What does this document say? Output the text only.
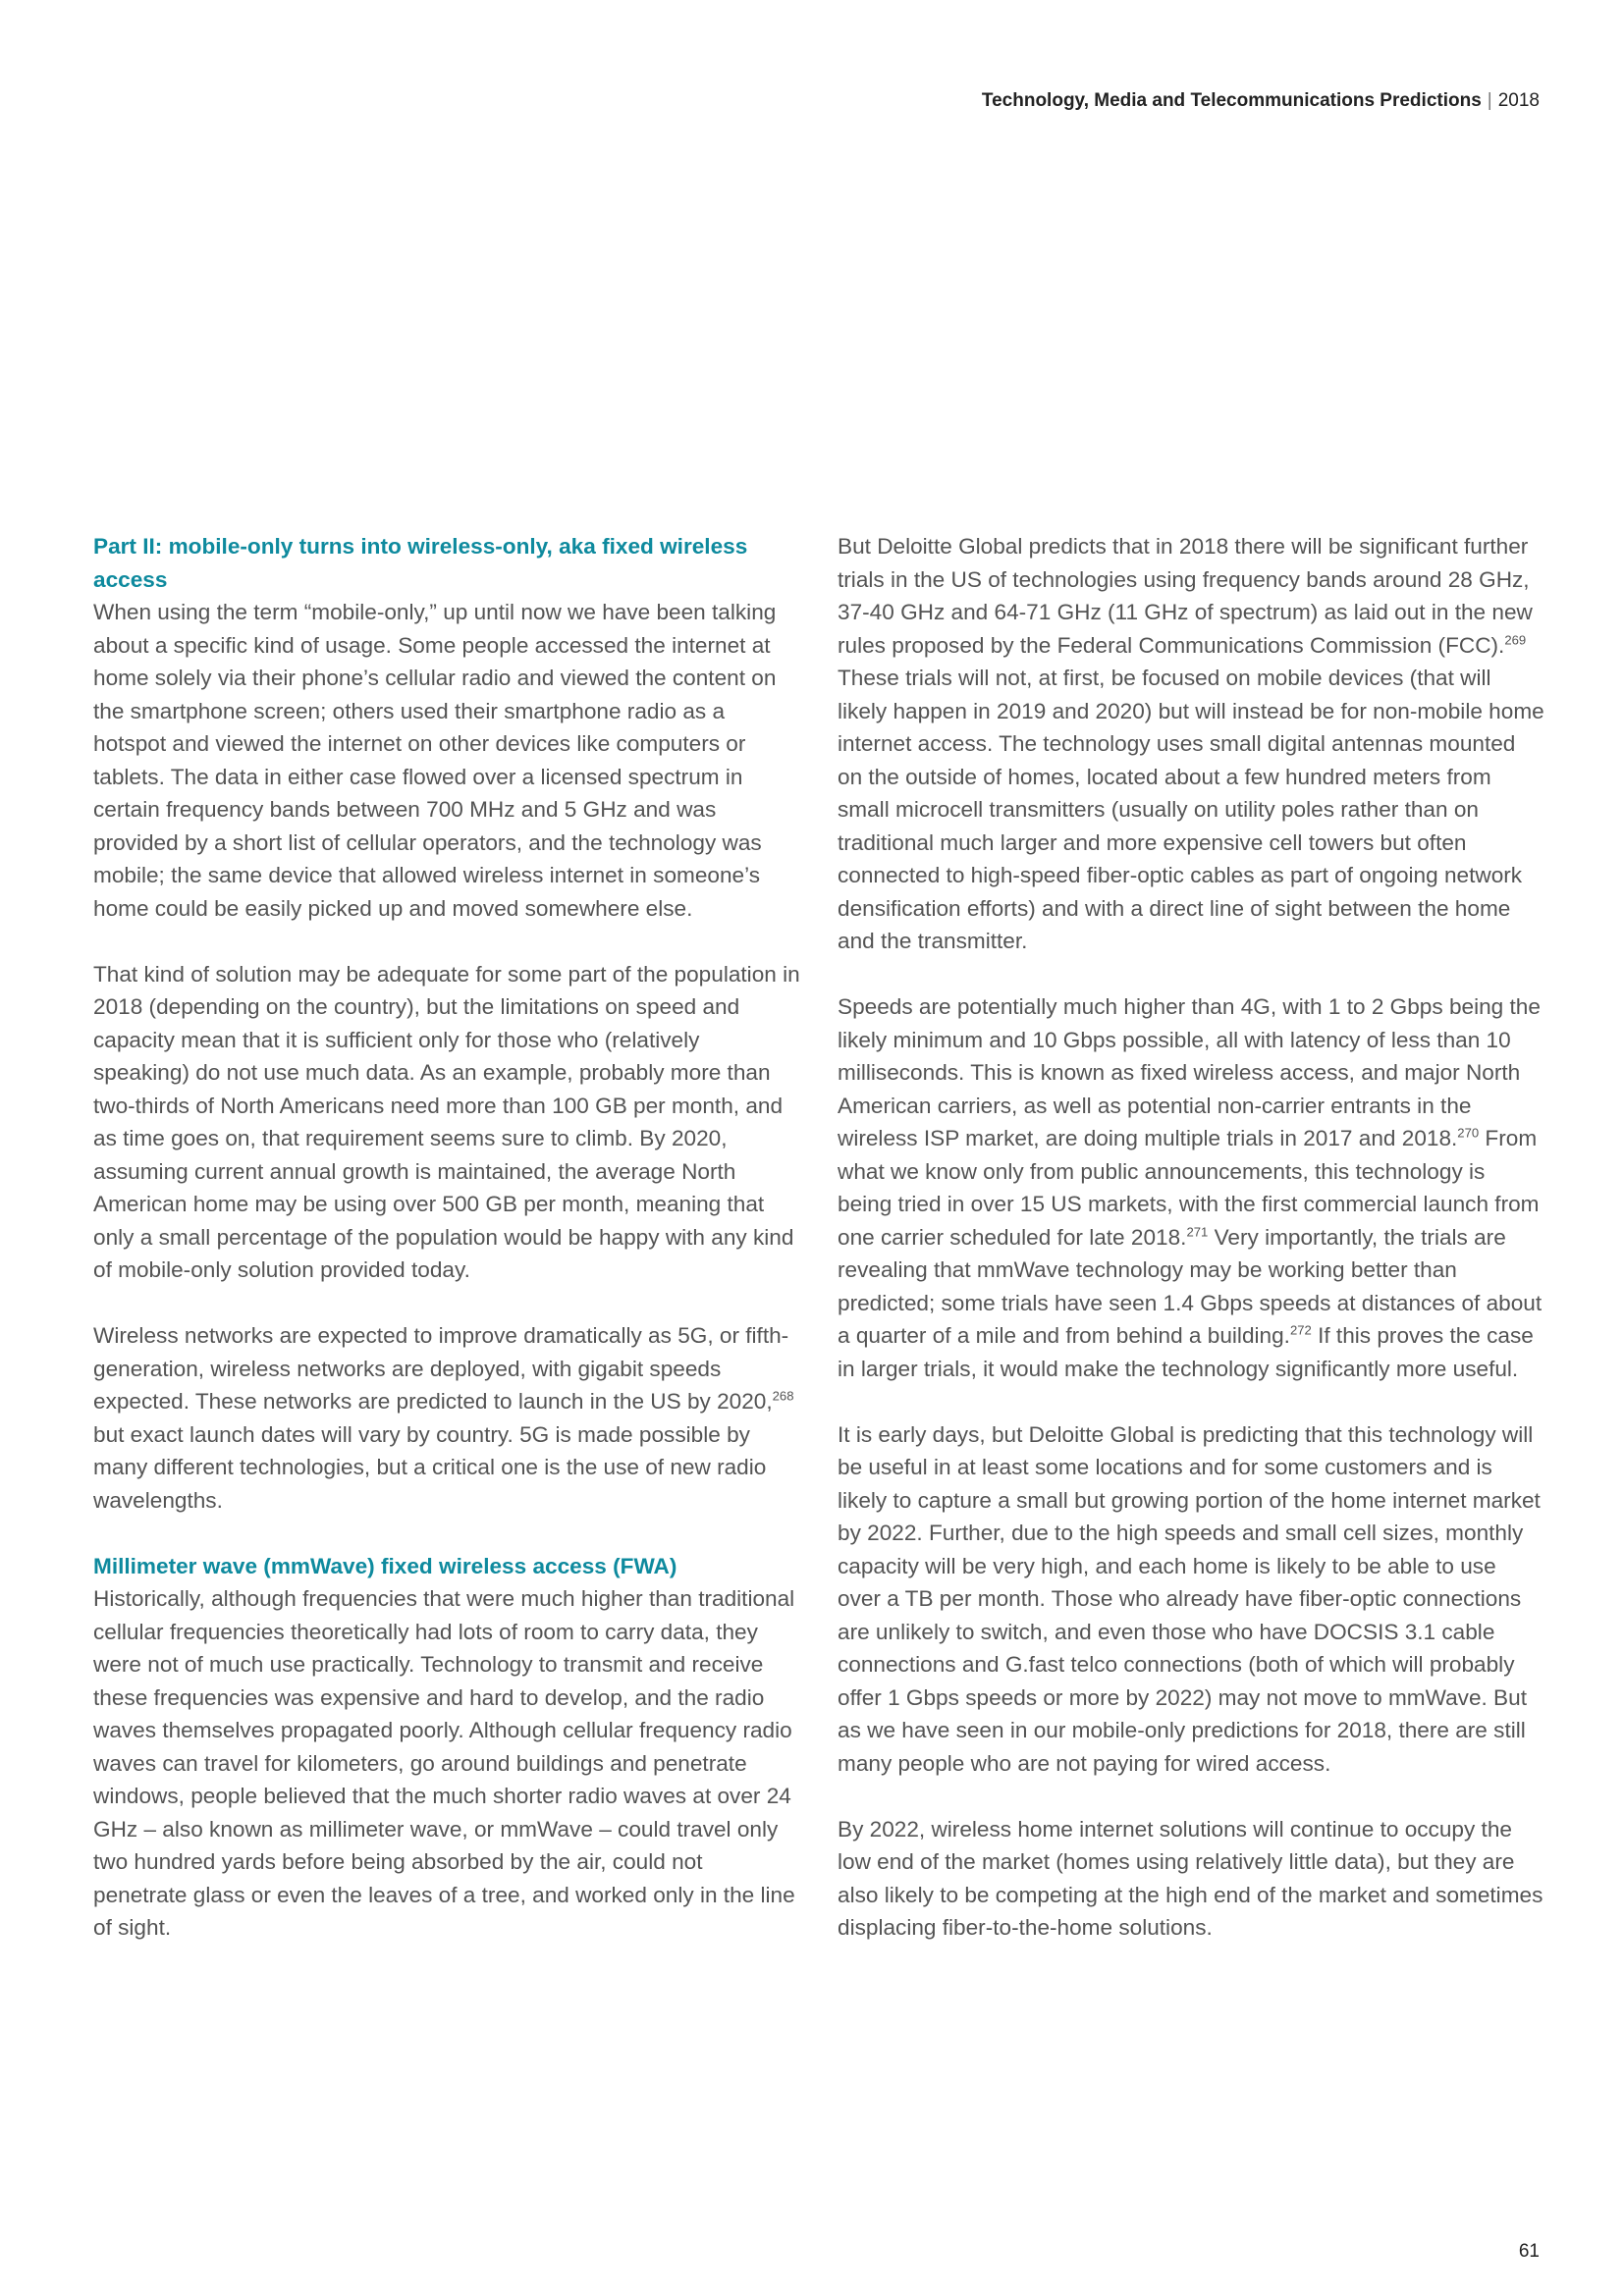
Technology, Media and Telecommunications Predictions | 2018

Part II: mobile-only turns into wireless-only, aka fixed wireless access

When using the term “mobile-only,” up until now we have been talking about a specific kind of usage. Some people accessed the internet at home solely via their phone’s cellular radio and viewed the content on the smartphone screen; others used their smartphone radio as a hotspot and viewed the internet on other devices like computers or tablets. The data in either case flowed over a licensed spectrum in certain frequency bands between 700 MHz and 5 GHz and was provided by a short list of cellular operators, and the technology was mobile; the same device that allowed wireless internet in someone’s home could be easily picked up and moved somewhere else.

That kind of solution may be adequate for some part of the population in 2018 (depending on the country), but the limitations on speed and capacity mean that it is sufficient only for those who (relatively speaking) do not use much data. As an example, probably more than two-thirds of North Americans need more than 100 GB per month, and as time goes on, that requirement seems sure to climb. By 2020, assuming current annual growth is maintained, the average North American home may be using over 500 GB per month, meaning that only a small percentage of the population would be happy with any kind of mobile-only solution provided today.

Wireless networks are expected to improve dramatically as 5G, or fifth-generation, wireless networks are deployed, with gigabit speeds expected. These networks are predicted to launch in the US by 2020,$^{268}$ but exact launch dates will vary by country. 5G is made possible by many different technologies, but a critical one is the use of new radio wavelengths.

Millimeter wave (mmWave) fixed wireless access (FWA)

Historically, although frequencies that were much higher than traditional cellular frequencies theoretically had lots of room to carry data, they were not of much use practically. Technology to transmit and receive these frequencies was expensive and hard to develop, and the radio waves themselves propagated poorly. Although cellular frequency radio waves can travel for kilometers, go around buildings and penetrate windows, people believed that the much shorter radio waves at over 24 GHz – also known as millimeter wave, or mmWave – could travel only two hundred yards before being absorbed by the air, could not penetrate glass or even the leaves of a tree, and worked only in the line of sight.

But Deloitte Global predicts that in 2018 there will be significant further trials in the US of technologies using frequency bands around 28 GHz, 37-40 GHz and 64-71 GHz (11 GHz of spectrum) as laid out in the new rules proposed by the Federal Communications Commission (FCC).$^{269}$ These trials will not, at first, be focused on mobile devices (that will likely happen in 2019 and 2020) but will instead be for non-mobile home internet access. The technology uses small digital antennas mounted on the outside of homes, located about a few hundred meters from small microcell transmitters (usually on utility poles rather than on traditional much larger and more expensive cell towers but often connected to high-speed fiber-optic cables as part of ongoing network densification efforts) and with a direct line of sight between the home and the transmitter.

Speeds are potentially much higher than 4G, with 1 to 2 Gbps being the likely minimum and 10 Gbps possible, all with latency of less than 10 milliseconds. This is known as fixed wireless access, and major North American carriers, as well as potential non-carrier entrants in the wireless ISP market, are doing multiple trials in 2017 and 2018.$^{270}$ From what we know only from public announcements, this technology is being tried in over 15 US markets, with the first commercial launch from one carrier scheduled for late 2018.$^{271}$ Very importantly, the trials are revealing that mmWave technology may be working better than predicted; some trials have seen 1.4 Gbps speeds at distances of about a quarter of a mile and from behind a building.$^{272}$ If this proves the case in larger trials, it would make the technology significantly more useful.

It is early days, but Deloitte Global is predicting that this technology will be useful in at least some locations and for some customers and is likely to capture a small but growing portion of the home internet market by 2022. Further, due to the high speeds and small cell sizes, monthly capacity will be very high, and each home is likely to be able to use over a TB per month. Those who already have fiber-optic connections are unlikely to switch, and even those who have DOCSIS 3.1 cable connections and G.fast telco connections (both of which will probably offer 1 Gbps speeds or more by 2022) may not move to mmWave. But as we have seen in our mobile-only predictions for 2018, there are still many people who are not paying for wired access.

By 2022, wireless home internet solutions will continue to occupy the low end of the market (homes using relatively little data), but they are also likely to be competing at the high end of the market and sometimes displacing fiber-to-the-home solutions.

61
